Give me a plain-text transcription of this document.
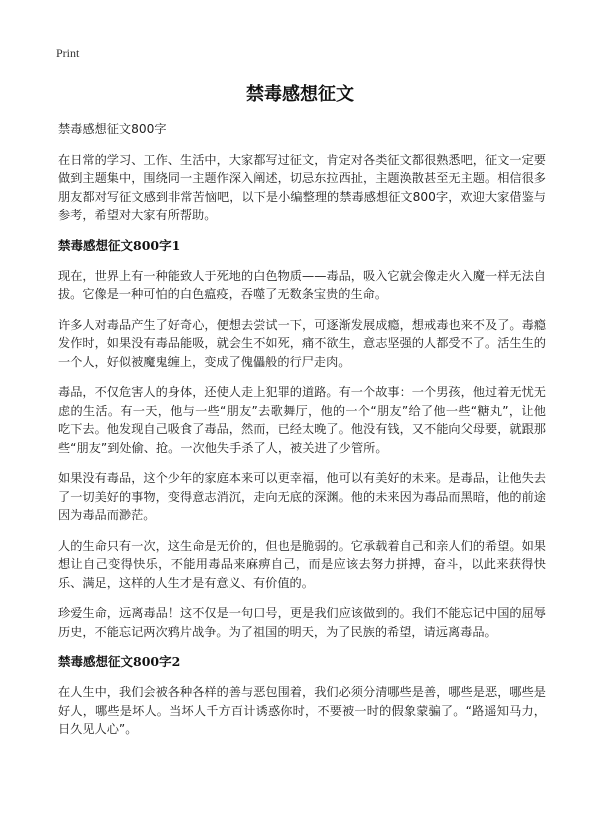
Print
禁毒感想征文

禁毒感想征文800字

在日常的学习、工作、生活中，大家都写过征文，肯定对各类征文都很熟悉吧，征文一定要做到主题集中，围绕同一主题作深入阐述，切忌东拉西扯，主题涣散甚至无主题。相信很多朋友都对写征文感到非常苦恼吧，以下是小编整理的禁毒感想征文800字，欢迎大家借鉴与参考，希望对大家有所帮助。

禁毒感想征文800字1

现在，世界上有一种能致人于死地的白色物质——毒品，吸入它就会像走火入魔一样无法自拔。它像是一种可怕的白色瘟疫，吞噬了无数条宝贵的生命。

许多人对毒品产生了好奇心，便想去尝试一下，可逐渐发展成瘾，想戒毒也来不及了。毒瘾发作时，如果没有毒品能吸，就会生不如死，痛不欲生，意志坚强的人都受不了。活生生的一个人，好似被魔鬼缠上，变成了傀儡般的行尸走肉。

毒品，不仅危害人的身体，还使人走上犯罪的道路。有一个故事：一个男孩，他过着无忧无虑的生活。有一天，他与一些“朋友”去歌舞厅，他的一个“朋友”给了他一些“糖丸”，让他吃下去。他发现自己吸食了毒品，然而，已经太晚了。他没有钱，又不能向父母要，就跟那些“朋友”到处偷、抢。一次他失手杀了人，被关进了少管所。

如果没有毒品，这个少年的家庭本来可以更幸福，他可以有美好的未来。是毒品，让他失去了一切美好的事物，变得意志消沉，走向无底的深渊。他的未来因为毒品而黑暗，他的前途因为毒品而渺茫。

人的生命只有一次，这生命是无价的，但也是脆弱的。它承载着自己和亲人们的希望。如果想让自己变得快乐，不能用毒品来麻痹自己，而是应该去努力拼搏，奋斗，以此来获得快乐、满足，这样的人生才是有意义、有价值的。

珍爱生命，远离毒品！这不仅是一句口号，更是我们应该做到的。我们不能忘记中国的屈辱历史，不能忘记两次鸦片战争。为了祖国的明天，为了民族的希望，请远离毒品。

禁毒感想征文800字2

在人生中，我们会被各种各样的善与恶包围着，我们必须分清哪些是善，哪些是恶，哪些是好人，哪些是坏人。当坏人千方百计诱惑你时，不要被一时的假象蒙骗了。“路遥知马力，日久见人心”。
